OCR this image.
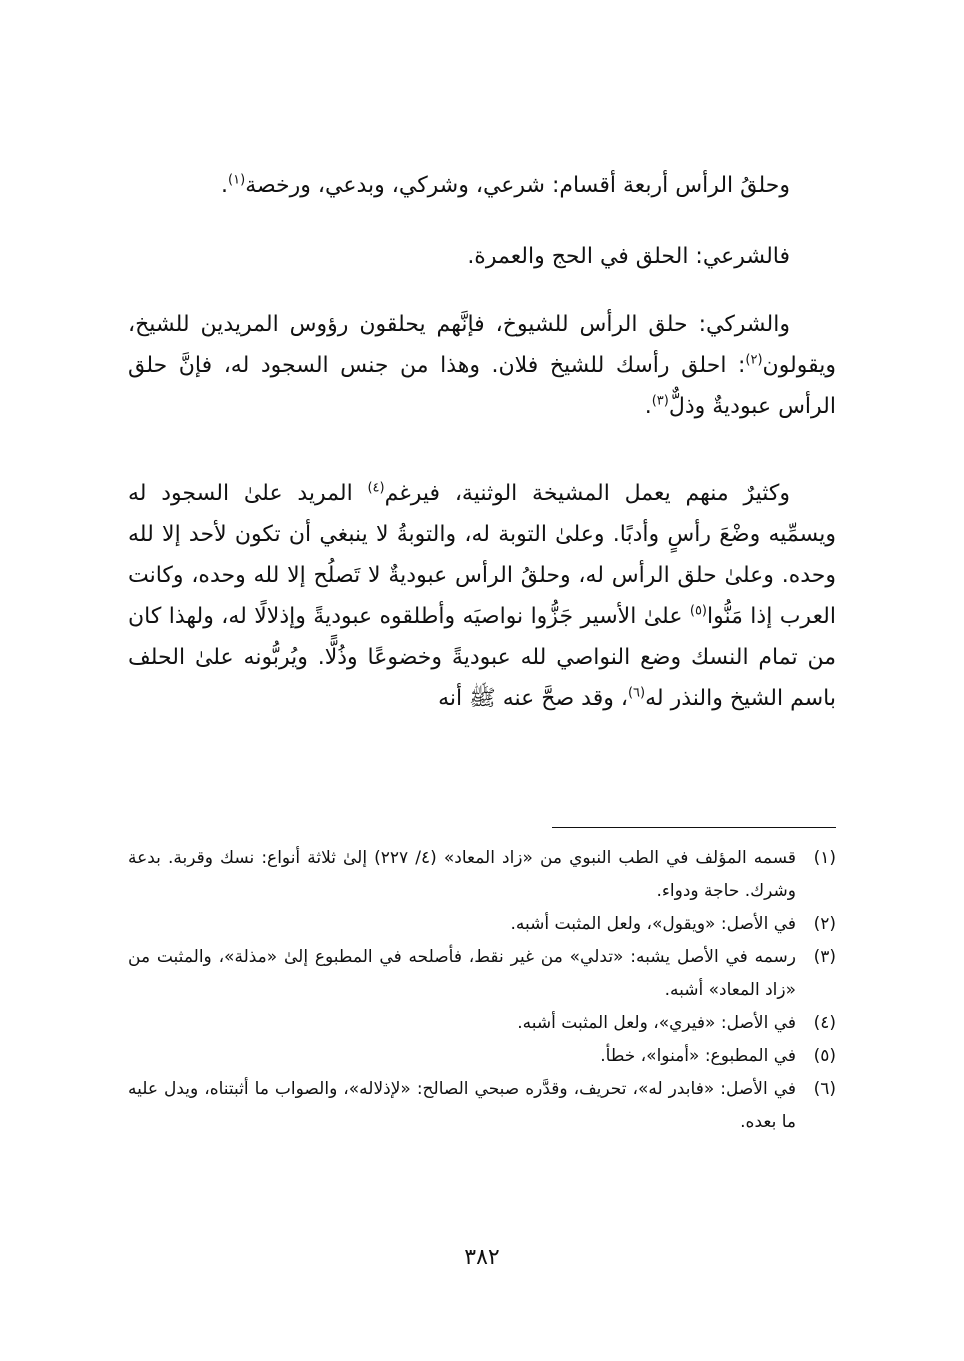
وحلقُ الرأس أربعة أقسام: شرعي، وشركي، وبدعي، ورخصة$^{(١)}$.

فالشرعي: الحلق في الحج والعمرة.

والشركي: حلق الرأس للشيوخ، فإنَّهم يحلقون رؤوس المريدين للشيخ، ويقولون$^{(٢)}$: احلق رأسك للشيخ فلان. وهذا من جنس السجود له، فإنَّ حلق الرأس عبوديةٌ وذلٌّ$^{(٣)}$.

وكثيرٌ منهم يعمل المشيخة الوثنية، فيرغم$^{(٤)}$ المريد علىٰ السجود له ويسمِّيه وضْعَ رأسٍ وأدبًا. وعلىٰ التوبة له، والتوبةُ لا ينبغي أن تكون لأحد إلا لله وحده. وعلىٰ حلق الرأس له، وحلقُ الرأس عبوديةٌ لا تَصلُح إلا لله وحده، وكانت العرب إذا مَنُّوا$^{(٥)}$ علىٰ الأسير جَزُّوا نواصيَه وأطلقوه عبوديةً وإذلالًا له، ولهذا كان من تمام النسك وضع النواصي لله عبوديةً وخضوعًا وذُلًّا. ويُربُّونه علىٰ الحلف باسم الشيخ والنذر له$^{(٦)}$، وقد صحَّ عنه ﷺ أنه

(١)
قسمه المؤلف في الطب النبوي من «زاد المعاد» (٤/ ٢٢٧) إلىٰ ثلاثة أنواع: نسك وقربة. بدعة وشرك. حاجة ودواء.
(٢)
في الأصل: «ويقول»، ولعل المثبت أشبه.
(٣)
رسمه في الأصل يشبه: «تدلي» من غير نقط، فأصلحه في المطبوع إلىٰ «مذلة»، والمثبت من «زاد المعاد» أشبه.
(٤)
في الأصل: «فيري»، ولعل المثبت أشبه.
(٥)
في المطبوع: «أمنوا»، خطأ.
(٦)
في الأصل: «فابدر له»، تحريف، وقدَّره صبحي الصالح: «لإذلاله»، والصواب ما أثبتناه، ويدل عليه ما بعده.
٣٨٢
